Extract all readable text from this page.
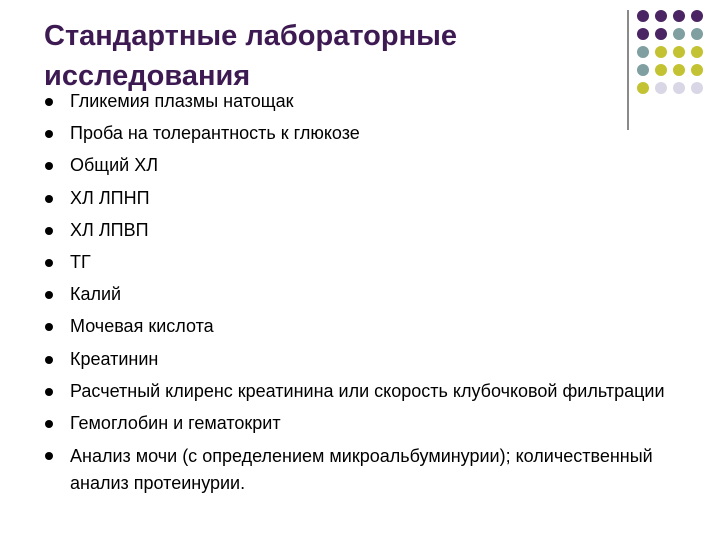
Стандартные лабораторные исследования
Гликемия плазмы натощак
Проба на толерантность к глюкозе
Общий ХЛ
ХЛ ЛПНП
ХЛ ЛПВП
ТГ
Калий
Мочевая кислота
Креатинин
Расчетный клиренс креатинина или скорость клубочковой фильтрации
Гемоглобин и гематокрит
Анализ мочи (с определением микроальбуминурии); количественный анализ протеинурии.
